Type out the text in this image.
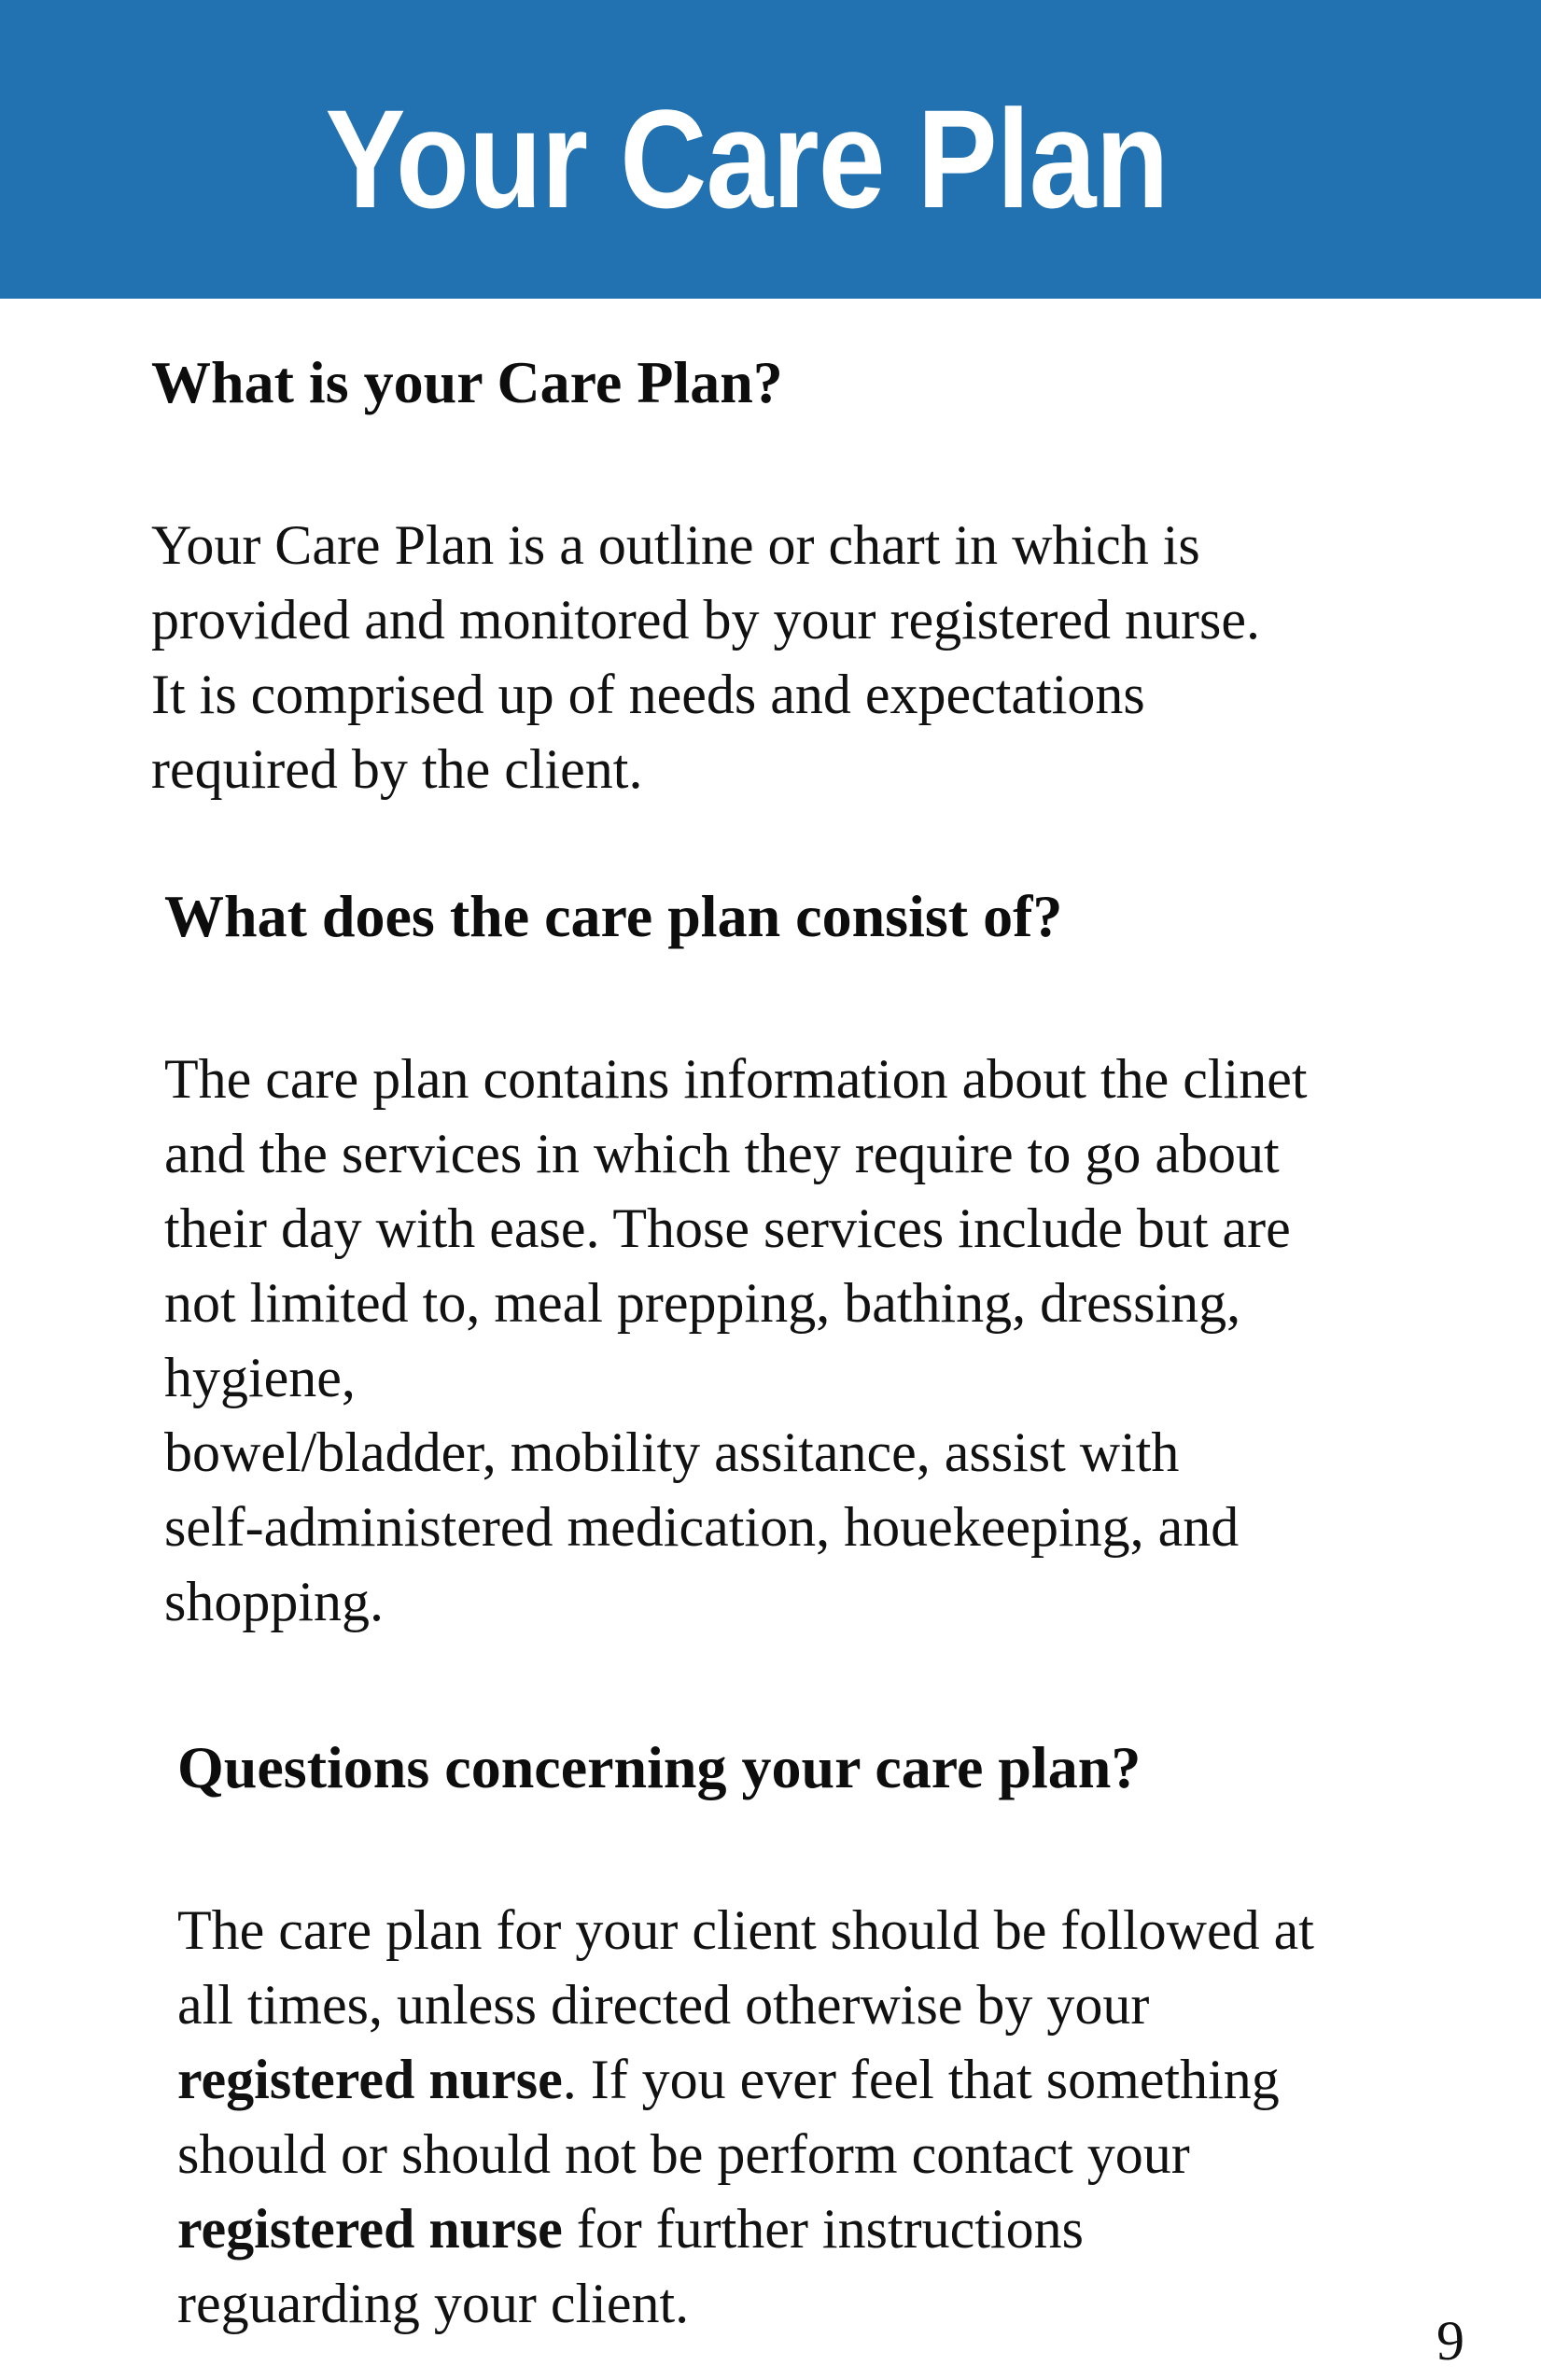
Your Care Plan
What is your Care Plan?

Your Care Plan is a outline or chart in which is
provided and monitored by your registered nurse.
It is comprised up of needs and expectations
required by the client.

What does the care plan consist of?

The care plan contains information about the clinet
and the services in which they require to go about
their day with ease. Those services include but are
not limited to, meal prepping, bathing, dressing,
hygiene,
bowel/bladder, mobility assitance, assist with
self-administered medication, houekeeping, and
shopping.

Questions concerning your care plan?

The care plan for your client should be followed at
all times, unless directed otherwise by your
registered nurse. If you ever feel that something
should or should not be perform contact your
registered nurse for further instructions
reguarding your client.

9
